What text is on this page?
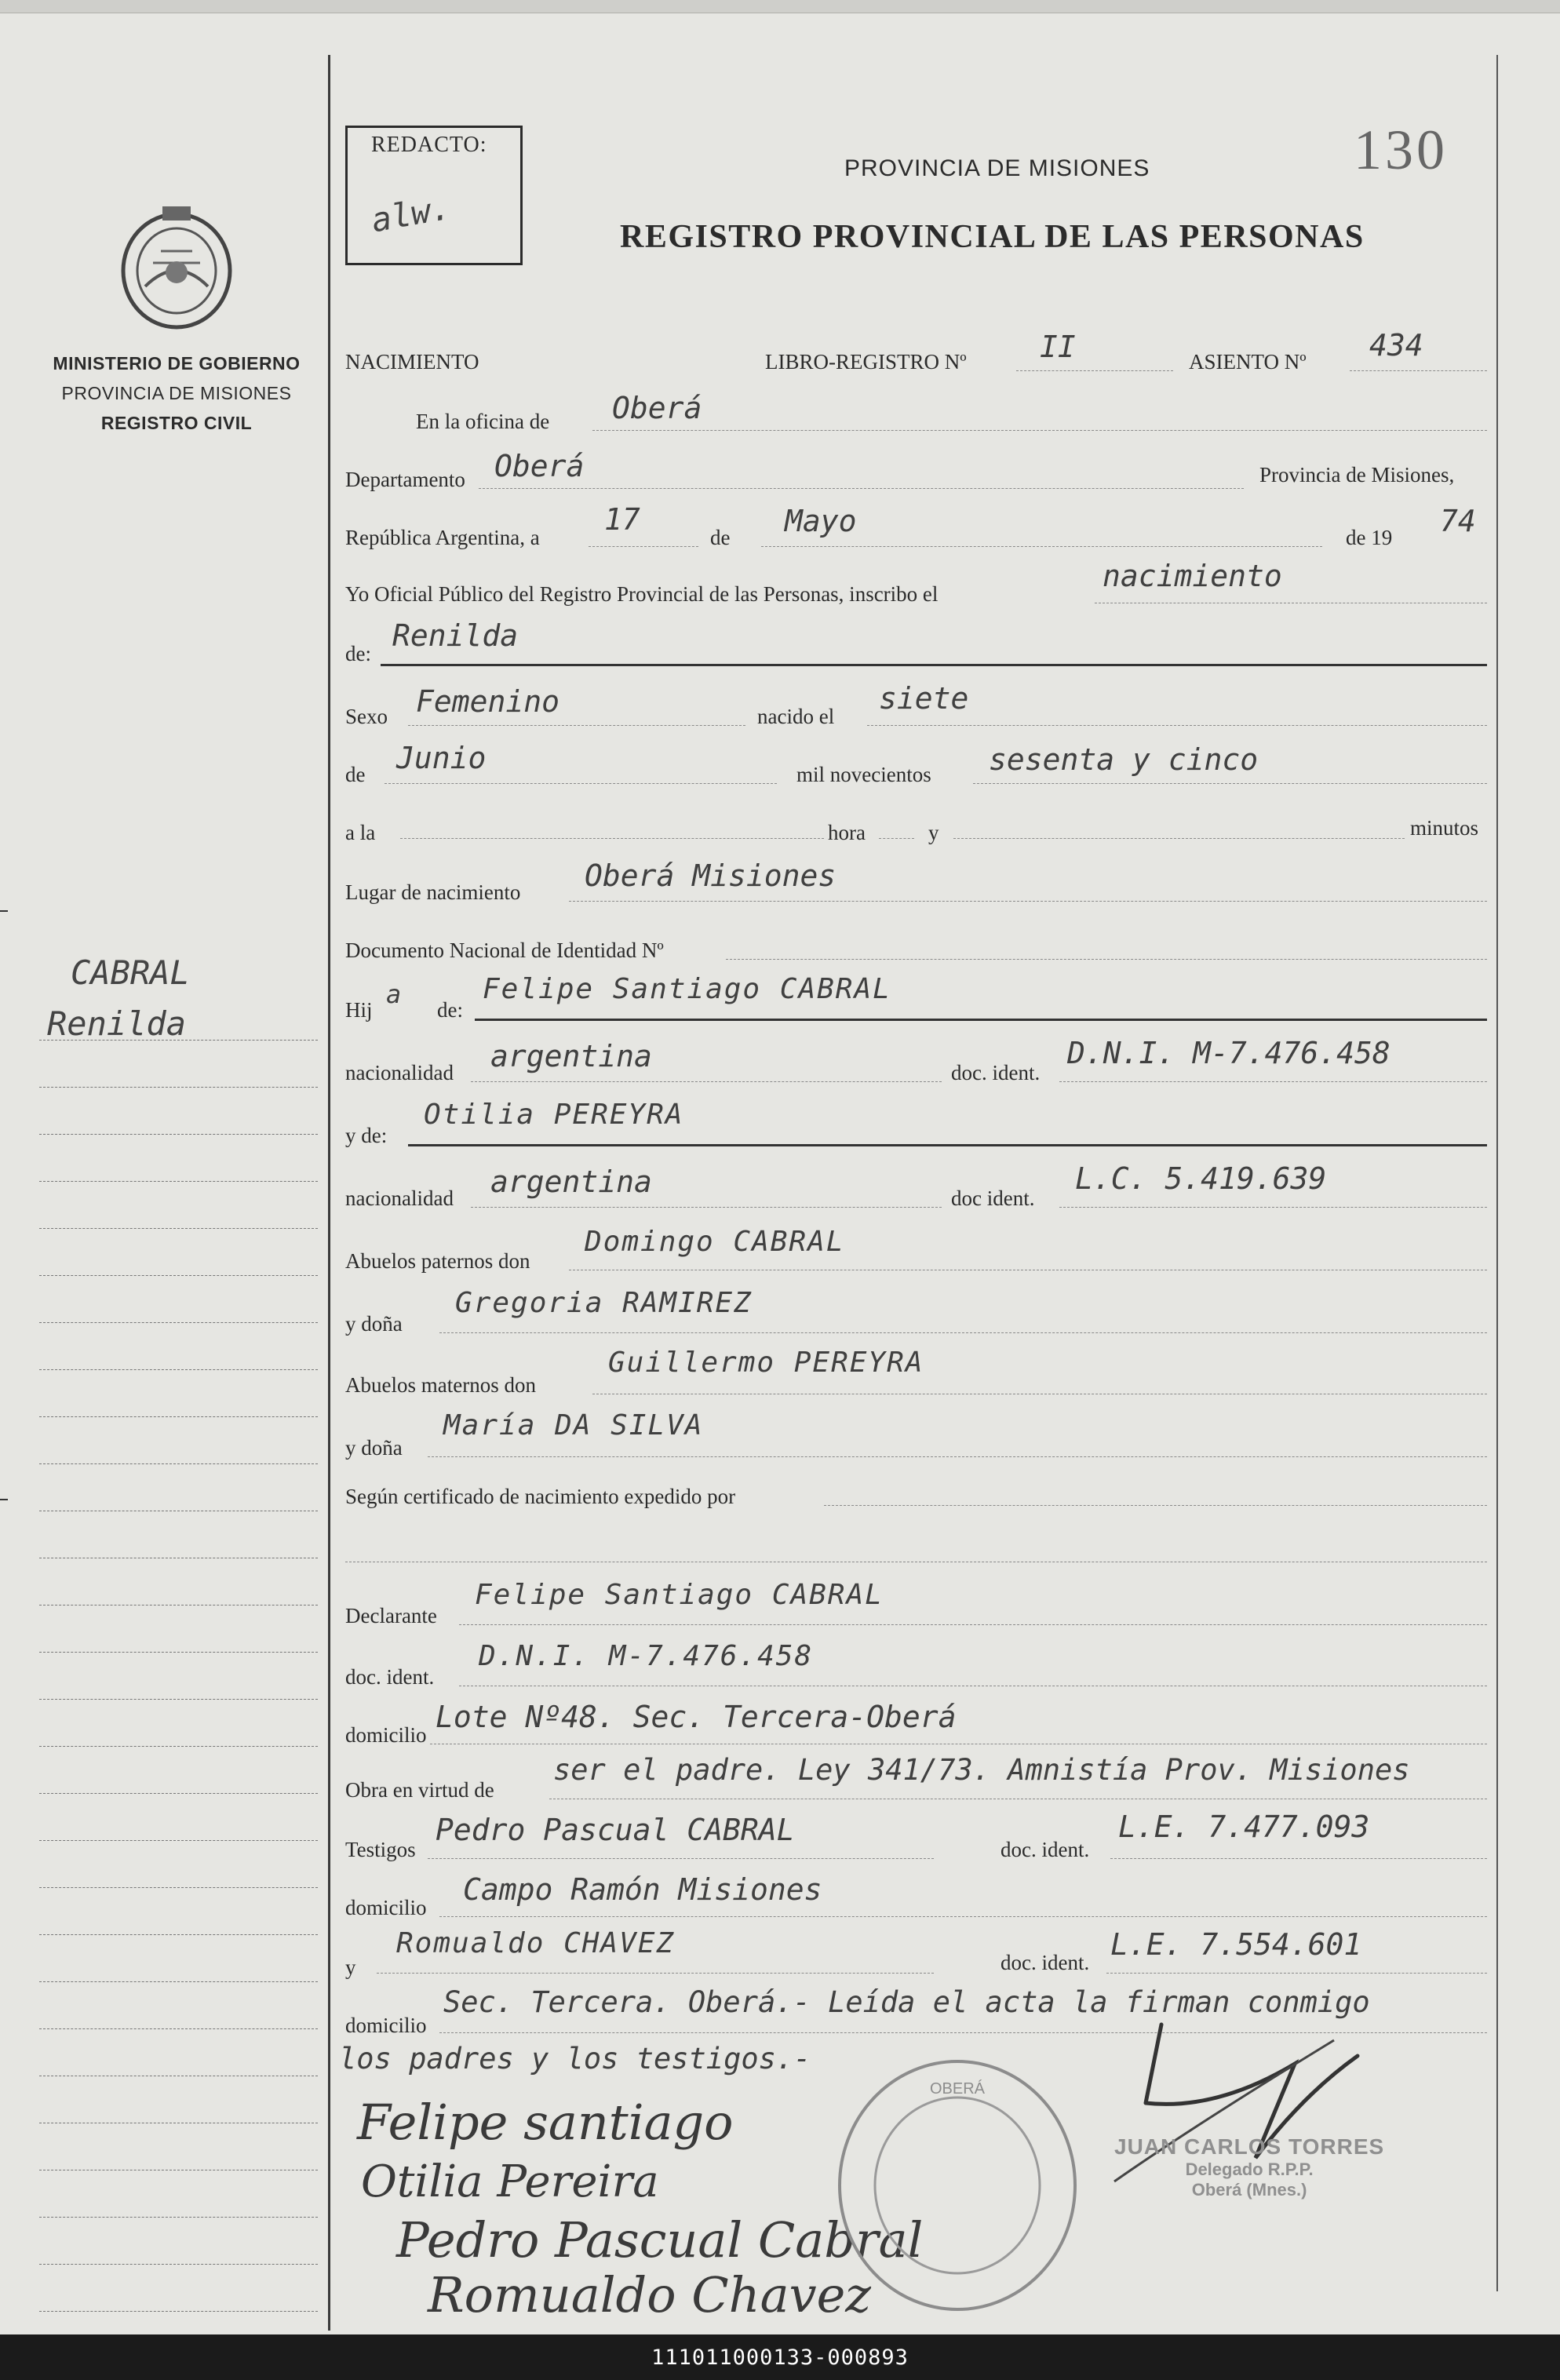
MINISTERIO DE GOBIERNO
PROVINCIA DE MISIONES
REGISTRO CIVIL
CABRAL
Renilda
REDACTO:
alw.
130
PROVINCIA DE MISIONES
REGISTRO PROVINCIAL DE LAS PERSONAS
NACIMIENTO	LIBRO-REGISTRO Nº II	ASIENTO Nº 434
En la oficina de Oberá
Departamento Oberá	Provincia de Misiones,
República Argentina, a
17
de Mayo	de 19 74
Yo Oficial Público del Registro Provincial de las Personas, inscribo el
nacimiento
de:
Renilda
Sexo Femenino	nacido el
siete
de Junio	mil novecientos sesenta y cinco
a la	hora	y	minutos
Lugar de nacimiento Oberá Misiones
Documento Nacional de Identidad Nº
Hij
a
de:
Felipe Santiago CABRAL
nacionalidad argentina	doc. ident.
D.N.I. M-7.476.458
y de:
Otilia PEREYRA
nacionalidad argentina	doc ident.
L.C. 5.419.639
Abuelos paternos don
Domingo CABRAL
y doña
Gregoria RAMIREZ
Abuelos maternos don
Guillermo PEREYRA
y doña
María DA SILVA
Según certificado de nacimiento expedido por
Declarante
Felipe Santiago CABRAL
doc. ident.
D.N.I. M-7.476.458
domicilio
Lote Nº48. Sec. Tercera-Oberá
Obra en virtud de
ser el padre. Ley 341/73. Amnistía Prov. Misiones
Testigos
Pedro Pascual CABRAL
doc. ident.
L.E. 7.477.093
domicilio
Campo Ramón Misiones
y
Romualdo CHAVEZ
doc. ident.
L.E. 7.554.601
domicilio
Sec. Tercera. Oberá.- Leída el acta la firman conmigo
los padres y los testigos.-
Felipe santiago
Otilia Pereira
Pedro Pascual Cabral
Romualdo Chavez
OBERÁ
JUAN CARLOS TORRES
Delegado R.P.P.
Oberá (Mnes.)
111011000133-000893
